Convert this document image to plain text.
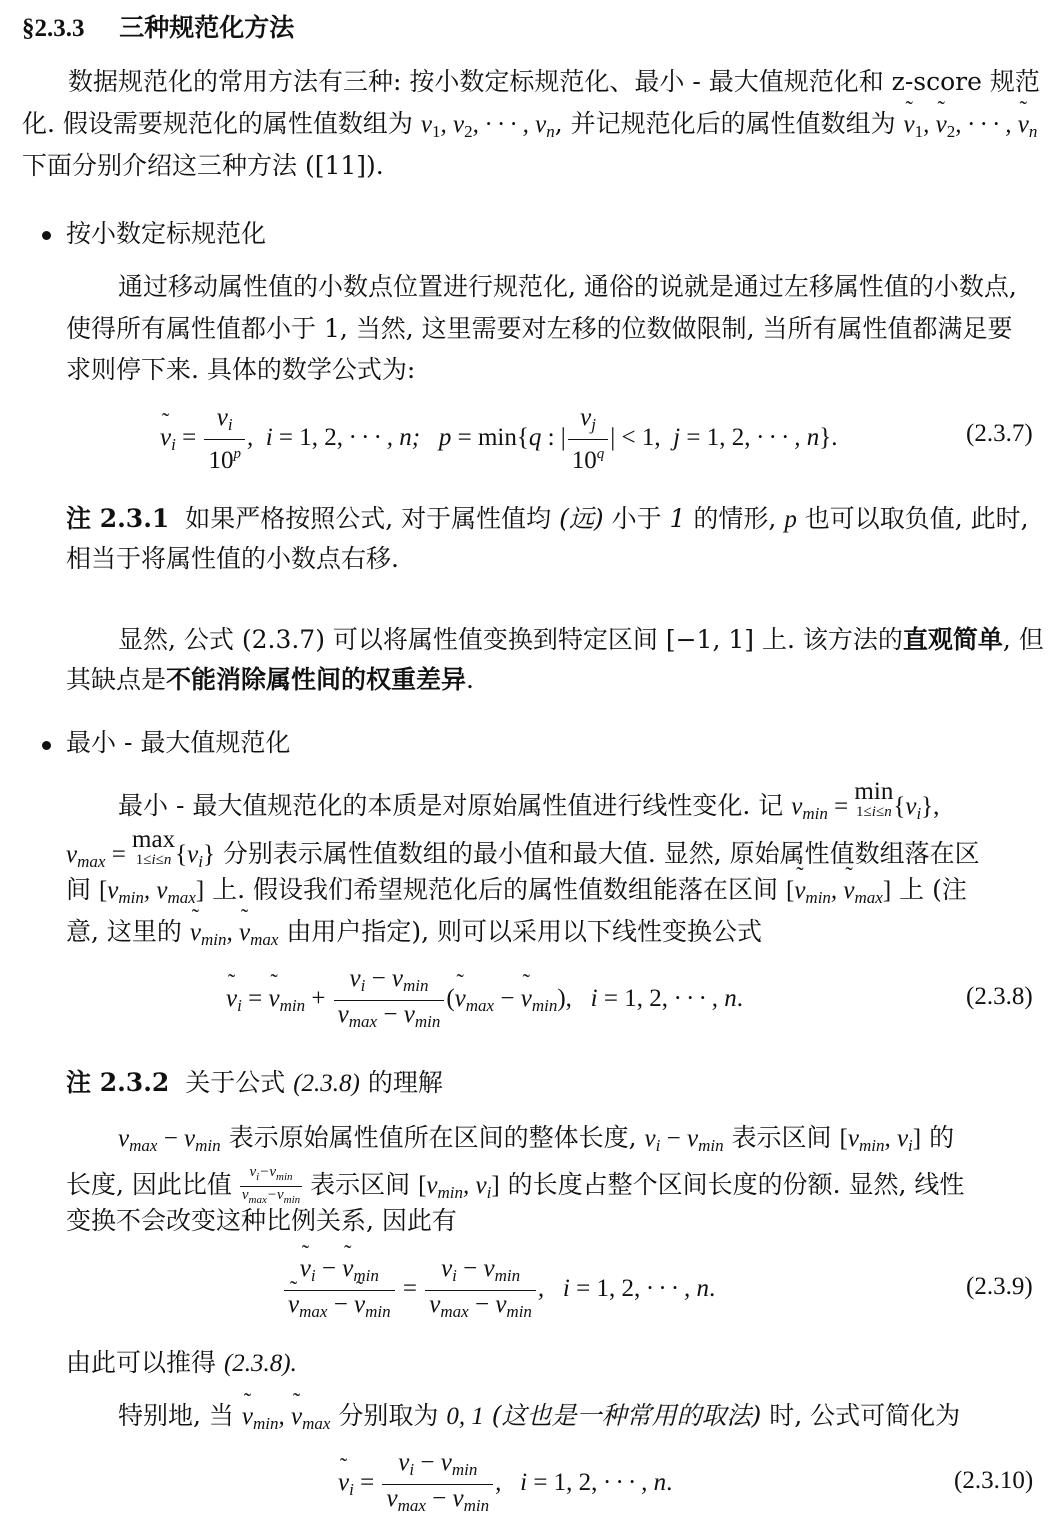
§2.3.3 三种规范化方法
数据规范化的常用方法有三种: 按小数定标规范化、最小 - 最大值规范化和 z-score 规范
化. 假设需要规范化的属性值数组为 $v_1$, $v_2$, · · · , $v_n$, 并记规范化后的属性值数组为 ˜ $v_1$, ˜ $v_2$, · · · , ˜ $v_n$
下面分别介绍这三种方法 ([11]).
按小数定标规范化
通过移动属性值的小数点位置进行规范化, 通俗的说就是通过左移属性值的小数点,
使得所有属性值都小于 1, 当然, 这里需要对左移的位数做限制, 当所有属性值都满足要
求则停下来. 具体的数学公式为:
˜ $v_i = \frac{v_i}{10^p}$ ,  i = 1, 2, · · · , n;   p = min{q : | $\frac{v_j}{10^q}$ | < 1,  j = 1, 2, · · · , n}.	(2.3.7)
注 2.3.1 如果严格按照公式, 对于属性值均 (远) 小于 1 的情形, p 也可以取负值, 此时,
相当于将属性值的小数点右移.
显然, 公式 (2.3.7) 可以将属性值变换到特定区间 [−1, 1] 上. 该方法的直观简单, 但
其缺点是不能消除属性间的权重差异.
最小 - 最大值规范化
最小 - 最大值规范化的本质是对原始属性值进行线性变化. 记 $v_{min}$ =
min
1≤i≤n $\{v_i\}$,
$v_{max}$ =
max
1≤i≤n $\{v_i\}$ 分别表示属性值数组的最小值和最大值. 显然, 原始属性值数组落在区
间 [$v_{min}$, $v_{max}$] 上. 假设我们希望规范化后的属性值数组能落在区间 [˜ $v_{min}$, ˜ $v_{max}$] 上 (注
意, 这里的 ˜ $v_{min}$, ˜ $v_{max}$ 由用户指定), 则可以采用以下线性变换公式
˜ $v_i$ = ˜ $v_{min} + \frac{v_i - v_{min}}{v_{max} - v_{min}}$ (˜ $v_{max}$ − ˜ $v_{min}$),   i = 1, 2, · · · , n.	(2.3.8)
注 2.3.2 关于公式 (2.3.8) 的理解
$v_{max} - v_{min}$ 表示原始属性值所在区间的整体长度, $v_i - v_{min}$ 表示区间 [$v_{min}$, $v_i$] 的
长度, 因此比值	$v_i-v_{min}$
$v_{max}-v_{min}$
表示区间 [$v_{min}$, $v_i$] 的长度占整个区间长度的份额. 显然, 线性
变换不会改变这种比例关系, 因此有
˜ $v_i$ − ˜ $v_{min}$
˜ $v_{max}$ − ˜ $v_{min} = \frac{v_i - v_{min}}{v_{max} - v_{min}}$ ,   i = 1, 2, · · · , n.	(2.3.9)
由此可以推得 (2.3.8).
特别地, 当 ˜ $v_{min}$, ˜ $v_{max}$ 分别取为 0, 1 (这也是一种常用的取法) 时, 公式可简化为
˜ $v_i = \frac{v_i - v_{min}}{v_{max} - v_{min}}$ ,   i = 1, 2, · · · , n.	(2.3.10)
